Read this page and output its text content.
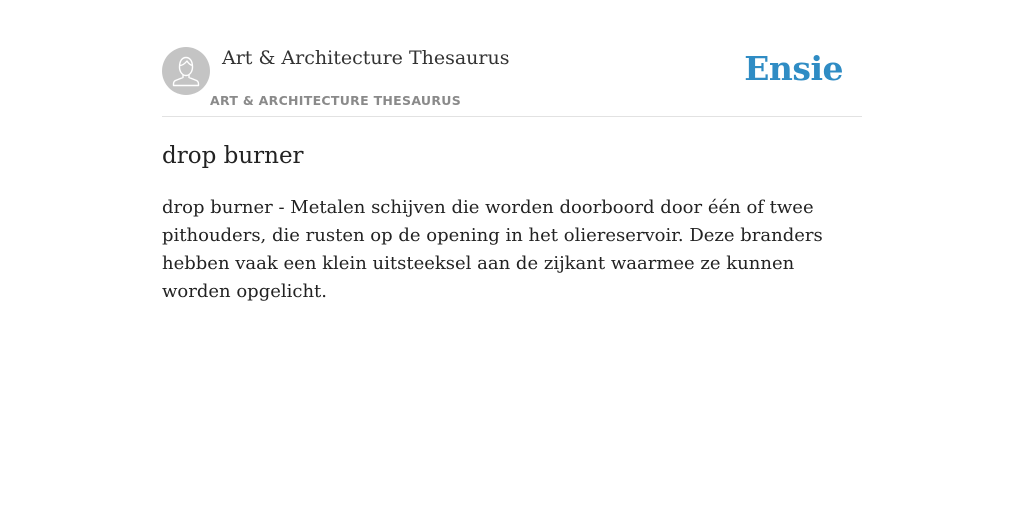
Art & Architecture Thesaurus
ART & ARCHITECTURE THESAURUS
Ensie
drop burner

drop burner - Metalen schijven die worden doorboord door één of twee pithouders, die rusten op de opening in het oliereservoir. Deze branders hebben vaak een klein uitsteeksel aan de zijkant waarmee ze kunnen worden opgelicht.
